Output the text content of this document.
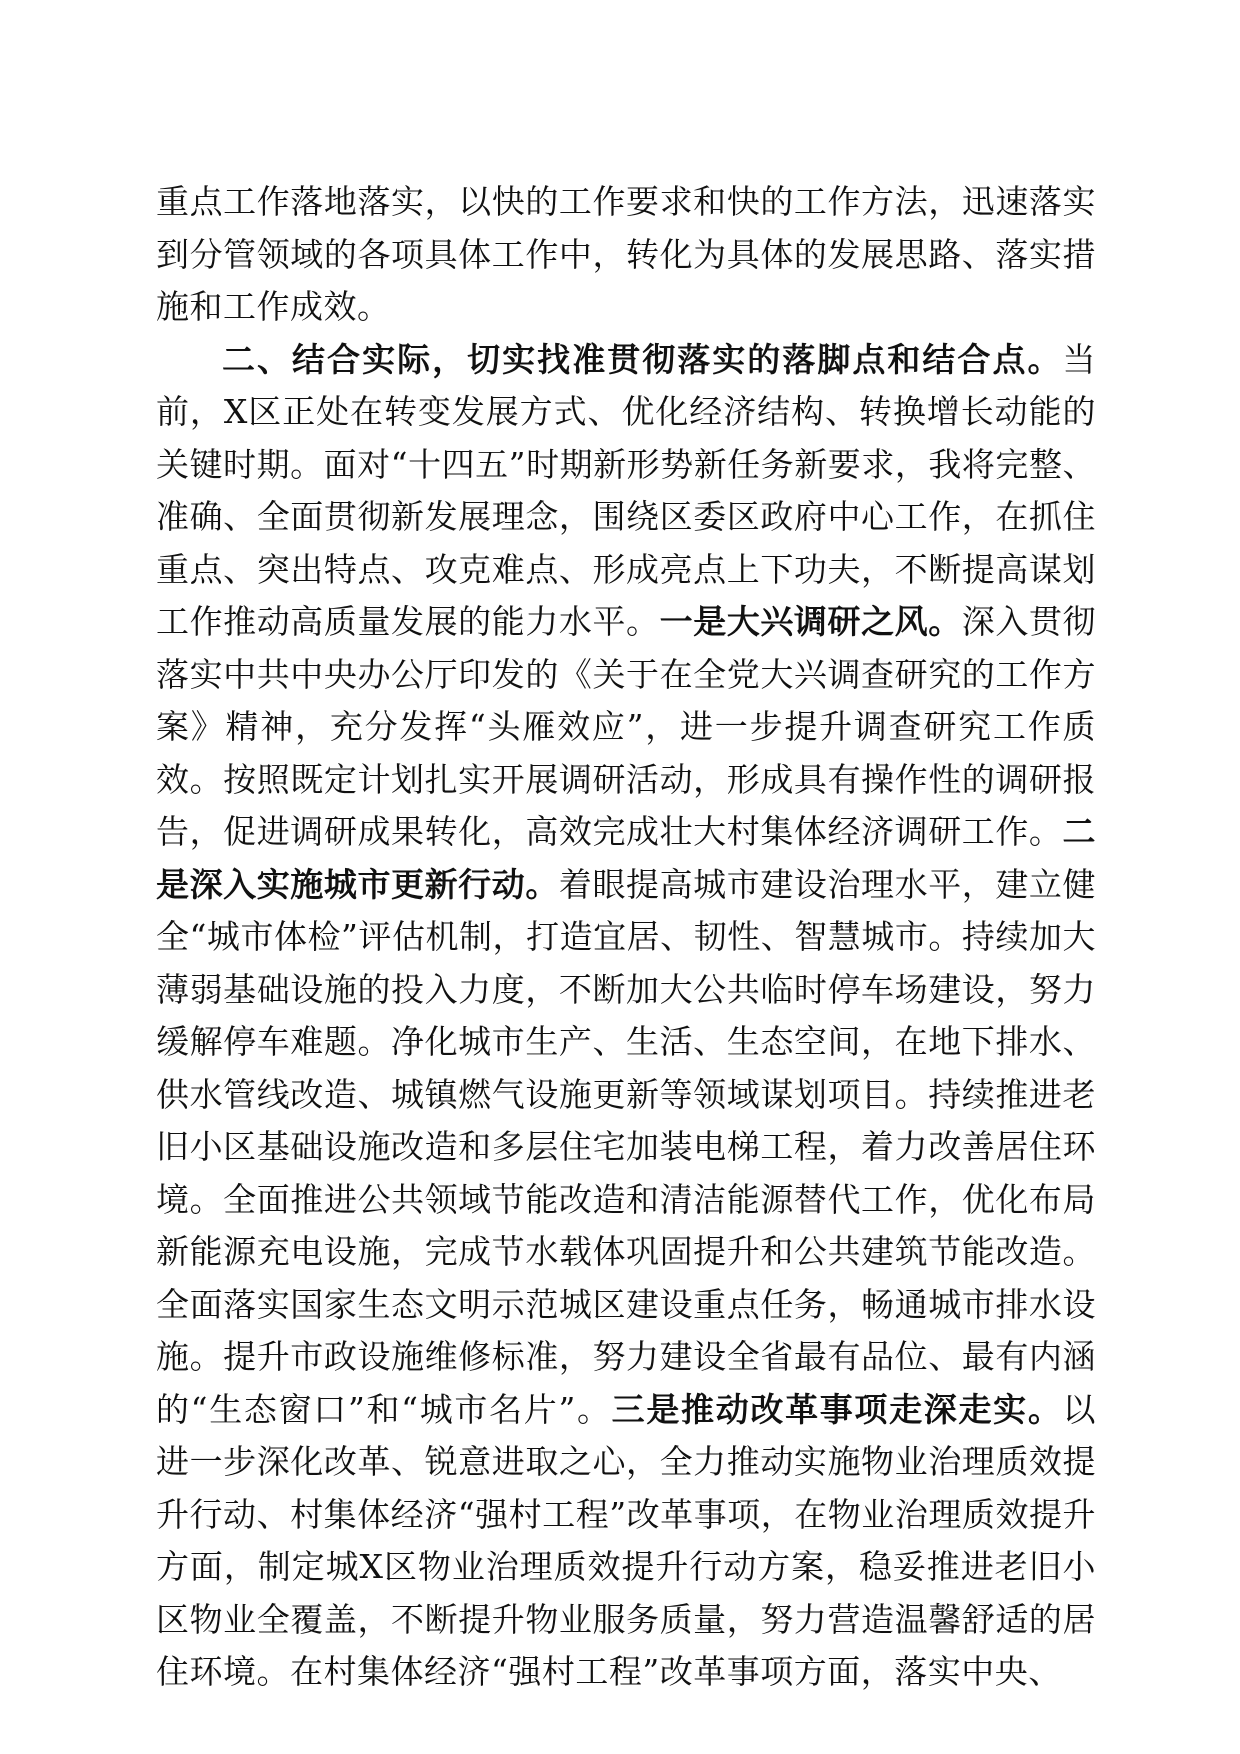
重点工作落地落实，以快的工作要求和快的工作方法，迅速落实到分管领域的各项具体工作中，转化为具体的发展思路、落实措施和工作成效。

二、结合实际，切实找准贯彻落实的落脚点和结合点。当前，X区正处在转变发展方式、优化经济结构、转换增长动能的关键时期。面对“十四五”时期新形势新任务新要求，我将完整、准确、全面贯彻新发展理念，围绕区委区政府中心工作，在抓住重点、突出特点、攻克难点、形成亮点上下功夫，不断提高谋划工作推动高质量发展的能力水平。一是大兴调研之风。深入贯彻落实中共中央办公厅印发的《关于在全党大兴调查研究的工作方案》精神，充分发挥“头雁效应”，进一步提升调查研究工作质效。按照既定计划扎实开展调研活动，形成具有操作性的调研报告，促进调研成果转化，高效完成壮大村集体经济调研工作。二是深入实施城市更新行动。着眼提高城市建设治理水平，建立健全“城市体检”评估机制，打造宜居、韧性、智慧城市。持续加大薄弱基础设施的投入力度，不断加大公共临时停车场建设，努力缓解停车难题。净化城市生产、生活、生态空间，在地下排水、供水管线改造、城镇燃气设施更新等领域谋划项目。持续推进老旧小区基础设施改造和多层住宅加装电梯工程，着力改善居住环境。全面推进公共领域节能改造和清洁能源替代工作，优化布局新能源充电设施，完成节水载体巩固提升和公共建筑节能改造。全面落实国家生态文明示范城区建设重点任务，畅通城市排水设施。提升市政设施维修标准，努力建设全省最有品位、最有内涵的“生态窗口”和“城市名片”。三是推动改革事项走深走实。以进一步深化改革、锐意进取之心，全力推动实施物业治理质效提升行动、村集体经济“强村工程”改革事项，在物业治理质效提升方面，制定城X区物业治理质效提升行动方案，稳妥推进老旧小区物业全覆盖，不断提升物业服务质量，努力营造温馨舒适的居住环境。在村集体经济“强村工程”改革事项方面，落实中央、
